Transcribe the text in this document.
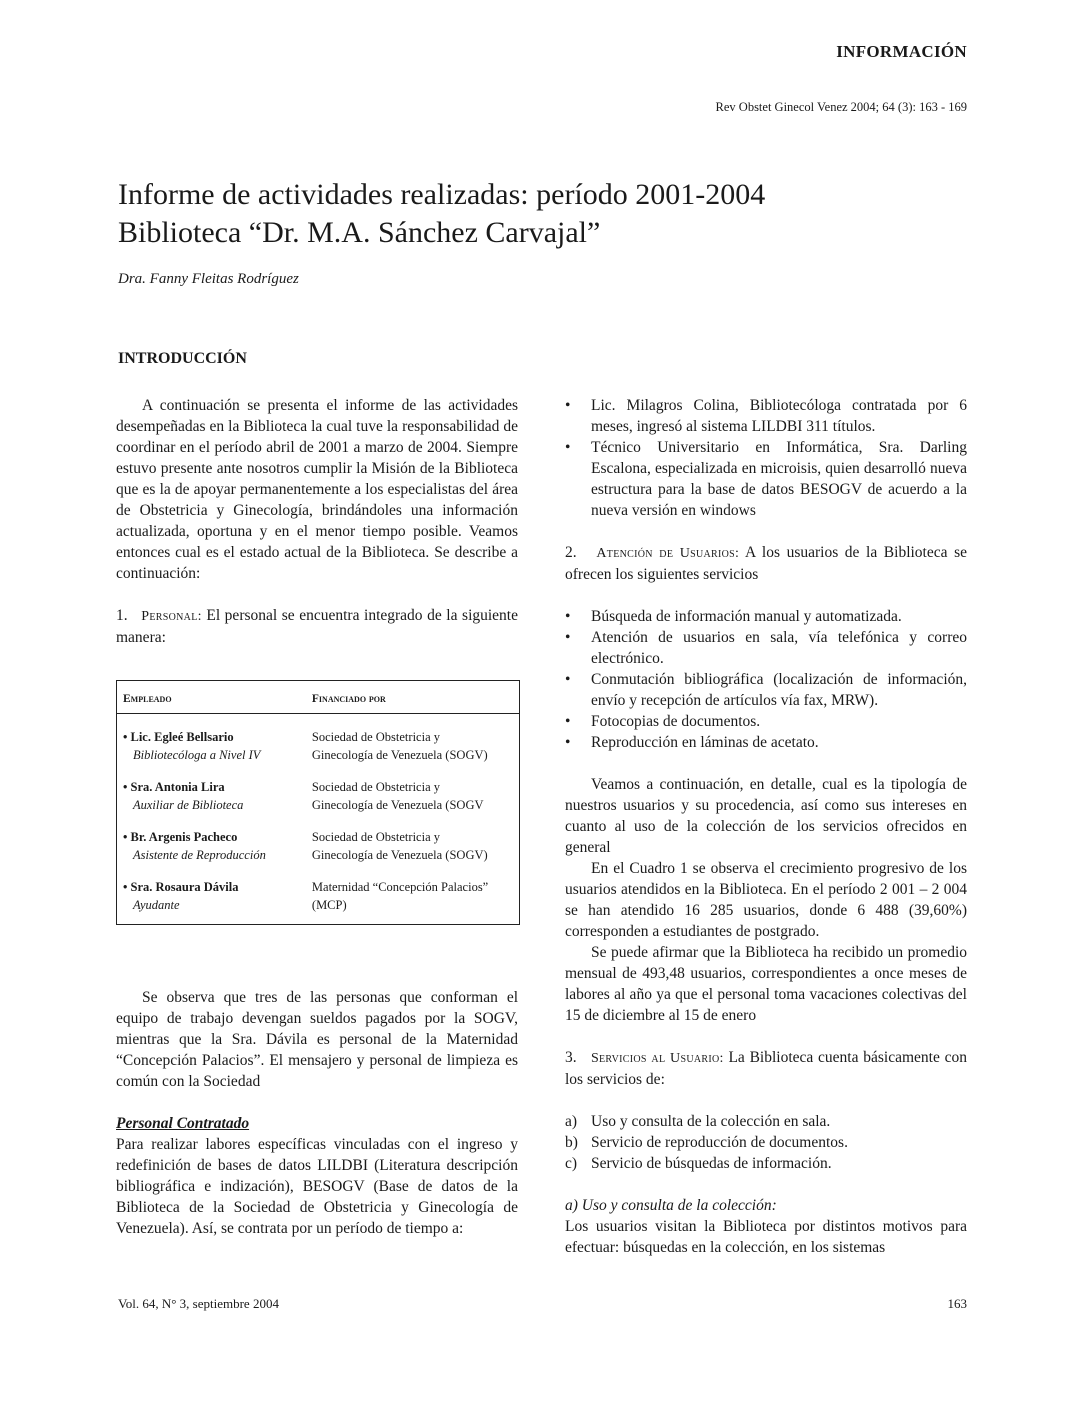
INFORMACIÓN
Rev Obstet Ginecol Venez 2004; 64 (3): 163 - 169
Informe de actividades realizadas: período 2001-2004
Biblioteca “Dr. M.A. Sánchez Carvajal”
Dra. Fanny Fleitas Rodríguez
INTRODUCCIÓN

A continuación se presenta el informe de las actividades desempeñadas en la Biblioteca la cual tuve la responsabilidad de coordinar en el período abril de 2001 a marzo de 2004. Siempre estuvo presente ante nosotros cumplir la Misión de la Biblioteca que es la de apoyar permanentemente a los especialistas del área de Obstetricia y Ginecología, brindándoles una información actualizada, oportuna y en el menor tiempo posible. Veamos entonces cual es el estado actual de la Biblioteca. Se describe a continuación:

1. Personal: El personal se encuentra integrado de la siguiente manera:

Empleado	Financiado por
• Lic. Egleé Bellsario
Bibliotecóloga a Nivel IV	Sociedad de Obstetricia y
Ginecología de Venezuela (SOGV)
• Sra. Antonia Lira
Auxiliar de Biblioteca	Sociedad de Obstetricia y
Ginecología de Venezuela (SOGV
• Br. Argenis Pacheco
Asistente de Reproducción	Sociedad de Obstetricia y
Ginecología de Venezuela (SOGV)
• Sra. Rosaura Dávila
Ayudante	Maternidad “Concepción Palacios”
(MCP)

Se observa que tres de las personas que conforman el equipo de trabajo devengan sueldos pagados por la SOGV, mientras que la Sra. Dávila es personal de la Maternidad “Concepción Palacios”. El mensajero y personal de limpieza es común con la Sociedad

Personal Contratado

Para realizar labores específicas vinculadas con el ingreso y redefinición de bases de datos LILDBI (Literatura descripción bibliográfica e indización), BESOGV (Base de datos de la Biblioteca de la Sociedad de Obstetricia y Ginecología de Venezuela). Así, se contrata por un período de tiempo a:

• Lic. Milagros Colina, Bibliotecóloga contratada por 6 meses, ingresó al sistema LILDBI 311 títulos.
• Técnico Universitario en Informática, Sra. Darling Escalona, especializada en microisis, quien desarrolló nueva estructura para la base de datos BESOGV de acuerdo a la nueva versión en windows

2. Atención de Usuarios: A los usuarios de la Biblioteca se ofrecen los siguientes servicios

• Búsqueda de información manual y automatizada.
• Atención de usuarios en sala, vía telefónica y correo electrónico.
• Conmutación bibliográfica (localización de información, envío y recepción de artículos vía fax, MRW).
• Fotocopias de documentos.
• Reproducción en láminas de acetato.

Veamos a continuación, en detalle, cual es la tipología de nuestros usuarios y su procedencia, así como sus intereses en cuanto al uso de la colección de los servicios ofrecidos en general

En el Cuadro 1 se observa el crecimiento progresivo de los usuarios atendidos en la Biblioteca. En el período 2 001 – 2 004 se han atendido 16 285 usuarios, donde 6 488 (39,60%) corresponden a estudiantes de postgrado.

Se puede afirmar que la Biblioteca ha recibido un promedio mensual de 493,48 usuarios, correspondientes a once meses de labores al año ya que el personal toma vacaciones colectivas del 15 de diciembre al 15 de enero

3. Servicios al Usuario: La Biblioteca cuenta básicamente con los servicios de:

a) Uso y consulta de la colección en sala.
b) Servicio de reproducción de documentos.
c) Servicio de búsquedas de información.

a) Uso y consulta de la colección:

Los usuarios visitan la Biblioteca por distintos motivos para efectuar: búsquedas en la colección, en los sistemas

Vol. 64, N° 3, septiembre 2004	163
